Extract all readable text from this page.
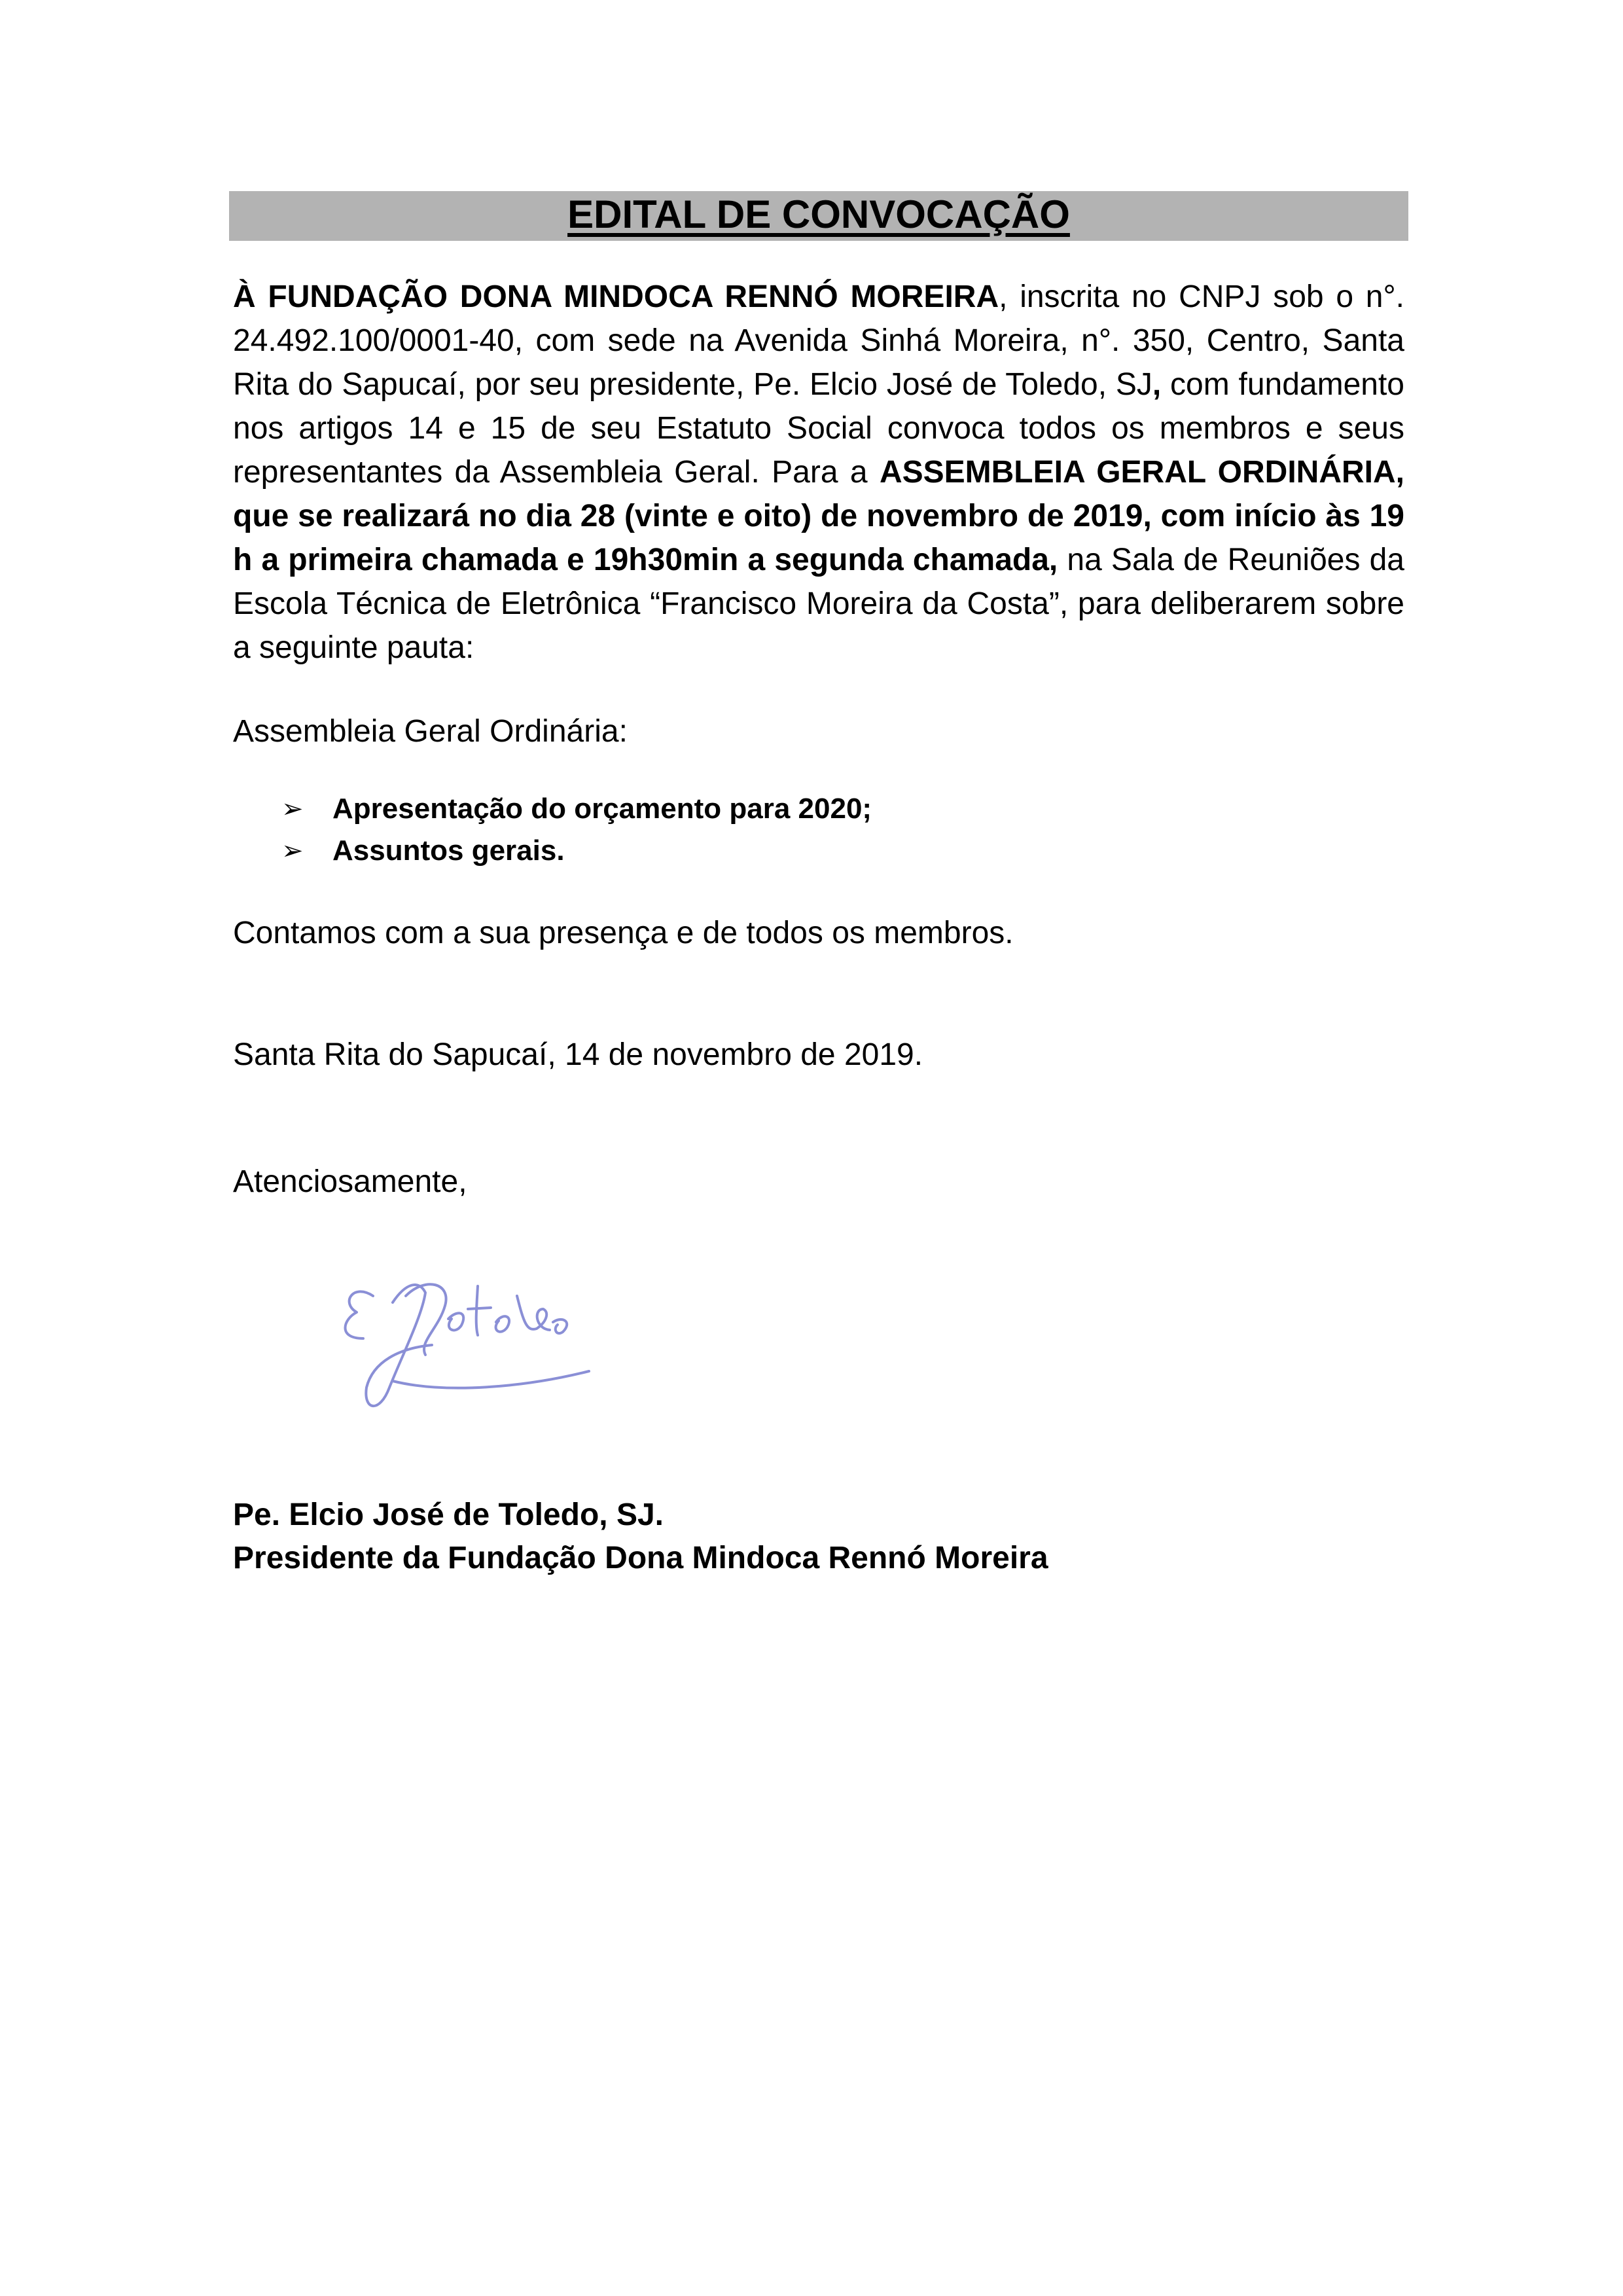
EDITAL DE CONVOCAÇÃO

À FUNDAÇÃO DONA MINDOCA RENNÓ MOREIRA, inscrita no CNPJ sob o n°. 24.492.100/0001-40, com sede na Avenida Sinhá Moreira, n°. 350, Centro, Santa Rita do Sapucaí, por seu presidente, Pe. Elcio José de Toledo, SJ, com fundamento nos artigos 14 e 15 de seu Estatuto Social convoca todos os membros e seus representantes da Assembleia Geral. Para a ASSEMBLEIA GERAL ORDINÁRIA, que se realizará no dia 28 (vinte e oito) de novembro de 2019, com início às 19 h a primeira chamada e 19h30min a segunda chamada, na Sala de Reuniões da Escola Técnica de Eletrônica “Francisco Moreira da Costa”, para deliberarem sobre a seguinte pauta:

Assembleia Geral Ordinária:
➢ Apresentação do orçamento para 2020;
➢ Assuntos gerais.
Contamos com a sua presença e de todos os membros.
Santa Rita do Sapucaí, 14 de novembro de 2019.
Atenciosamente,
Pe. Elcio José de Toledo, SJ.
Presidente da Fundação Dona Mindoca Rennó Moreira
